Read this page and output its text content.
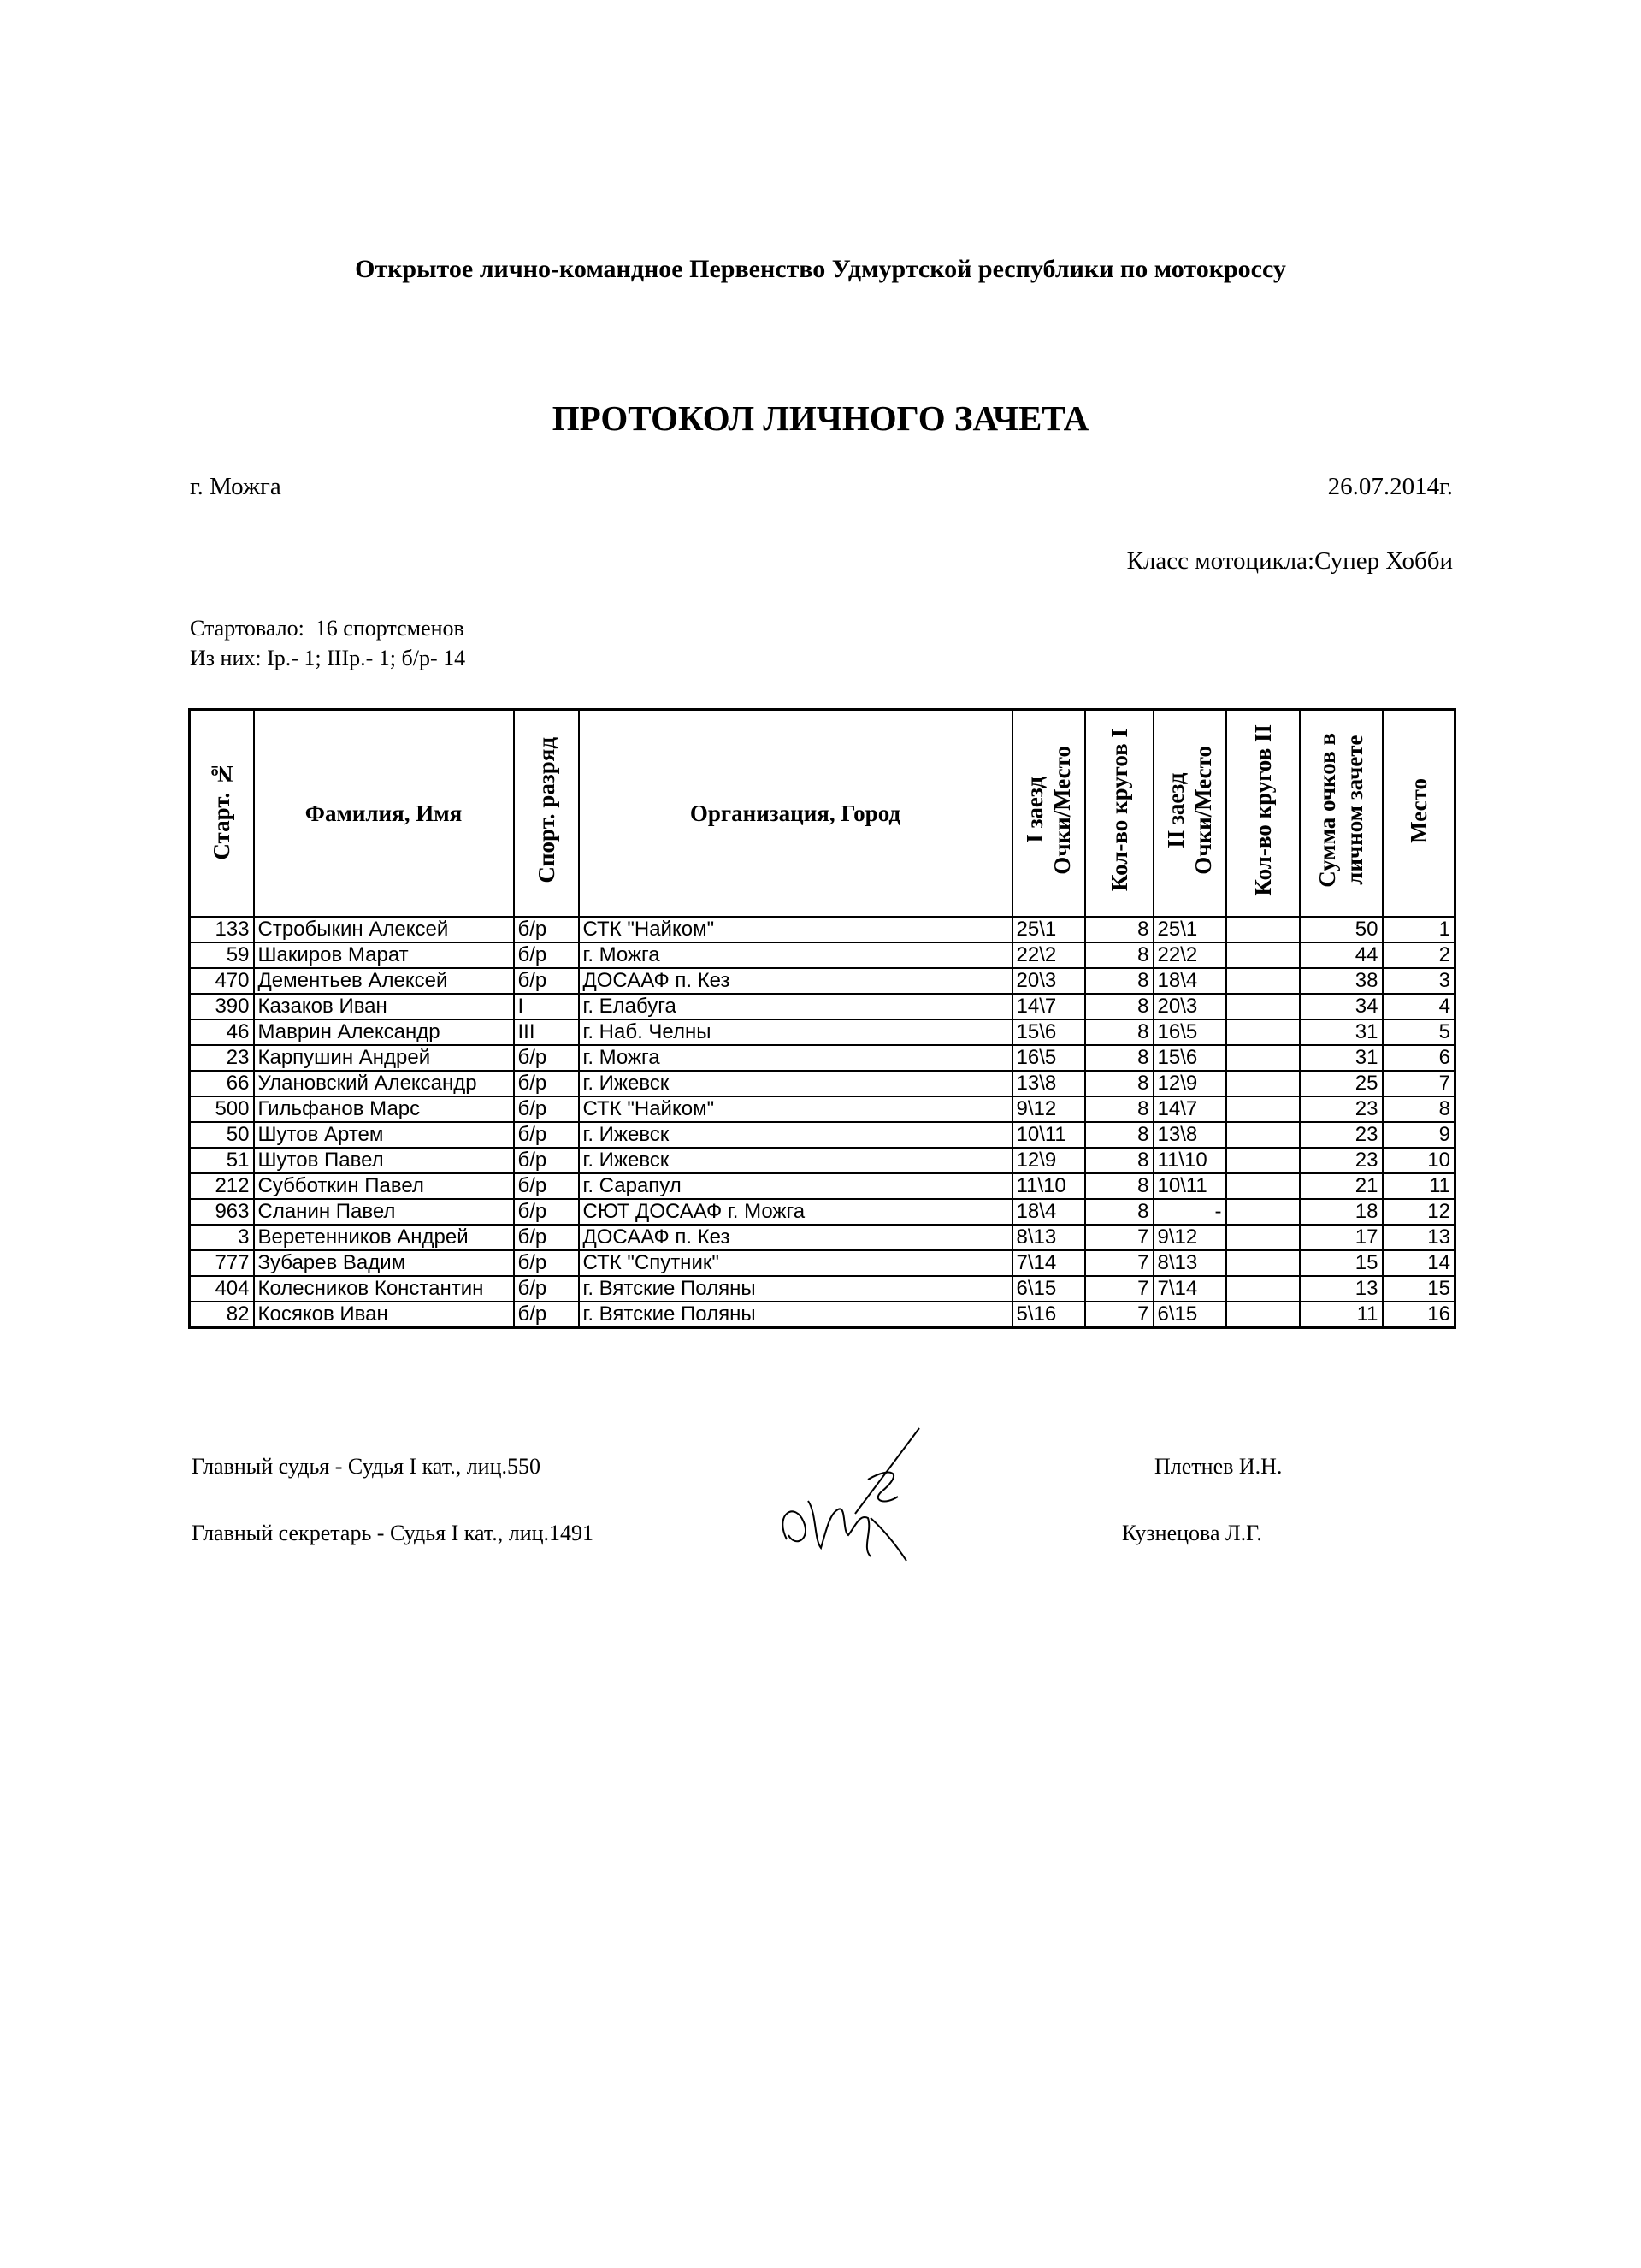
Открытое лично-командное Первенство Удмуртской республики по мотокроссу
ПРОТОКОЛ ЛИЧНОГО ЗАЧЕТА
г. Можга	26.07.2014г.
Класс мотоцикла:Супер Хобби
Стартовало: 16 спортсменов
Из них: Iр.- 1; IIIр.- 1; б/р- 14
Старт. №	Фамилия, Имя	Спорт. разряд	Организация, Город	I заезд
Очки/Место	Кол-во кругов I	II заезд
Очки/Место	Кол-во кругов II	Сумма очков в
личном зачете	Место
133	Стробыкин Алексей	б/р	СТК "Найком"	25\1	8	25\1		50	1
59	Шакиров Марат	б/р	г. Можга	22\2	8	22\2		44	2
470	Дементьев Алексей	б/р	ДОСААФ п. Кез	20\3	8	18\4		38	3
390	Казаков Иван	I	г. Елабуга	14\7	8	20\3		34	4
46	Маврин Александр	III	г. Наб. Челны	15\6	8	16\5		31	5
23	Карпушин Андрей	б/р	г. Можга	16\5	8	15\6		31	6
66	Улановский Александр	б/р	г. Ижевск	13\8	8	12\9		25	7
500	Гильфанов Марс	б/р	СТК "Найком"	9\12	8	14\7		23	8
50	Шутов Артем	б/р	г. Ижевск	10\11	8	13\8		23	9
51	Шутов Павел	б/р	г. Ижевск	12\9	8	11\10		23	10
212	Субботкин Павел	б/р	г. Сарапул	11\10	8	10\11		21	11
963	Сланин Павел	б/р	СЮТ ДОСААФ г. Можга	18\4	8	-		18	12
3	Веретенников Андрей	б/р	ДОСААФ п. Кез	8\13	7	9\12		17	13
777	Зубарев Вадим	б/р	СТК "Спутник"	7\14	7	8\13		15	14
404	Колесников Константин	б/р	г. Вятские Поляны	6\15	7	7\14		13	15
82	Косяков Иван	б/р	г. Вятские Поляны	5\16	7	6\15		11	16
Главный судья - Судья I кат., лиц.550	Плетнев И.Н.
Главный секретарь - Судья I кат., лиц.1491	Кузнецова Л.Г.
